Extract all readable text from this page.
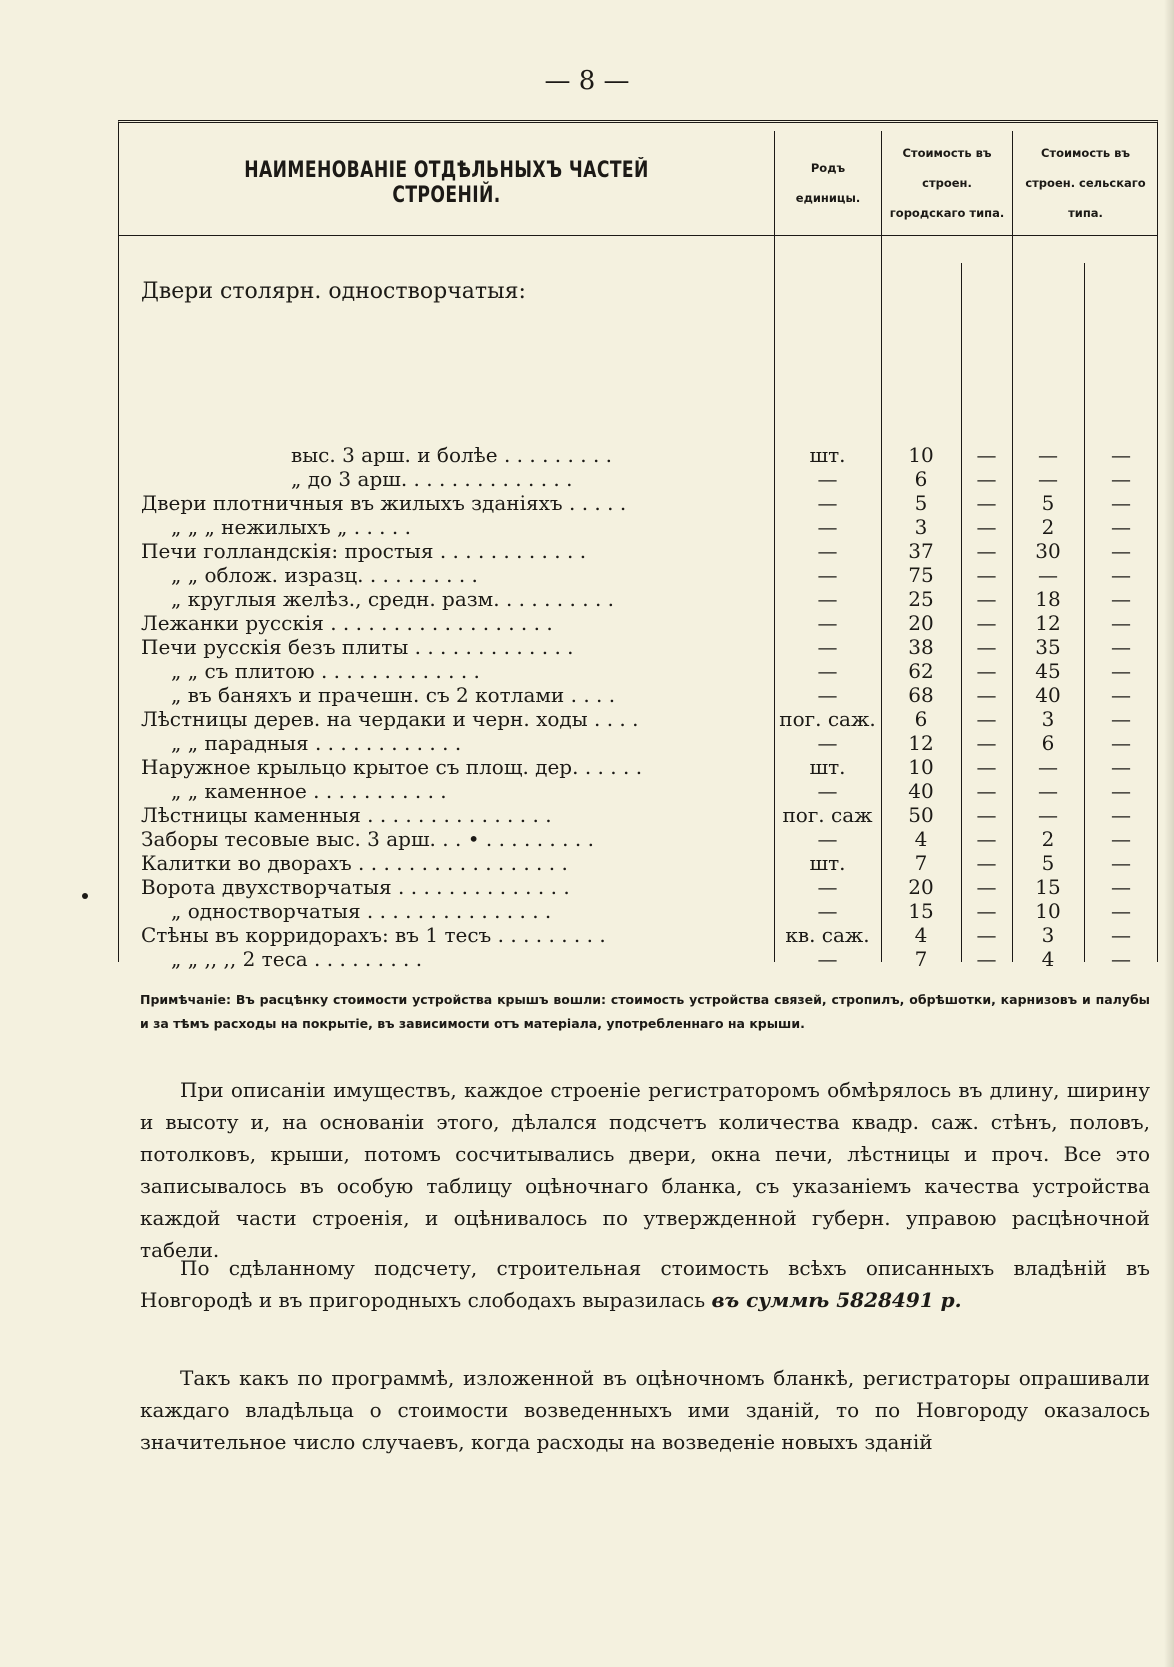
— 8 —
НАИМЕНОВАНІЕ ОТДѢЛЬНЫХЪ ЧАСТЕЙ СТРОЕНІЙ.
Родъ единицы.
Стоимость въ строен. городскаго типа.
Стоимость въ строен. сельскаго типа.
Двери столярн. одностворчатыя:
выс. 3 арш. и болѣе . . . . . . . . .	шт.	10	—	—	—
„ до 3 арш. . . . . . . . . . . . . .	—	6	—	—	—
Двери плотничныя въ жилыхъ зданіяхъ . . . . .	—	5	—	5	—
„ „ „ нежилыхъ „ . . . . .	—	3	—	2	—
Печи голландскія: простыя . . . . . . . . . . . .	—	37	—	30	—
„ „ облож. изразц. . . . . . . . . .	—	75	—	—	—
„ круглыя желѣз., средн. разм. . . . . . . . . .	—	25	—	18	—
Лежанки русскія . . . . . . . . . . . . . . . . . .	—	20	—	12	—
Печи русскія безъ плиты . . . . . . . . . . . . .	—	38	—	35	—
„ „ съ плитою . . . . . . . . . . . . .	—	62	—	45	—
„ въ баняхъ и прачешн. съ 2 котлами . . . .	—	68	—	40	—
Лѣстницы дерев. на чердаки и черн. ходы . . . .	пог. саж.	6	—	3	—
„ „ парадныя . . . . . . . . . . . .	—	12	—	6	—
Наружное крыльцо крытое съ площ. дер. . . . . .	шт.	10	—	—	—
„ „ каменное . . . . . . . . . . .	—	40	—	—	—
Лѣстницы каменныя . . . . . . . . . . . . . . .	пог. саж	50	—	—	—
Заборы тесовые выс. 3 арш. . . • . . . . . . . . .	—	4	—	2	—
Калитки во дворахъ . . . . . . . . . . . . . . . . .	шт.	7	—	5	—
Ворота двухстворчатыя . . . . . . . . . . . . . .	—	20	—	15	—
„ одностворчатыя . . . . . . . . . . . . . . .	—	15	—	10	—
Стѣны въ корридорахъ: въ 1 тесъ . . . . . . . . .	кв. саж.	4	—	3	—
„ „ ,, ,, 2 теса . . . . . . . . .	—	7	—	4	—
Примѣчаніе: Въ расцѣнку стоимости устройства крышъ вошли: стоимость устройства связей, стропилъ, обрѣшотки, карнизовъ и палубы и за тѣмъ расходы на покрытіе, въ зависимости отъ матеріала, употребленнаго на крыши.
При описаніи имуществъ, каждое строеніе регистраторомъ обмѣрялось въ длину, ширину и высоту и, на основаніи этого, дѣлался подсчетъ количества квадр. саж. стѣнъ, половъ, потолковъ, крыши, потомъ сосчитывались двери, окна печи, лѣстницы и проч. Все это записывалось въ особую таблицу оцѣночнаго бланка, съ указаніемъ качества устройства каждой части строенія, и оцѣнивалось по утвержденной губерн. управою расцѣночной табели.
По сдѣланному подсчету, строительная стоимость всѣхъ описанныхъ владѣній въ Новгородѣ и въ пригородныхъ слободахъ выразилась въ суммѣ 5828491 р.
Такъ какъ по программѣ, изложенной въ оцѣночномъ бланкѣ, регистраторы опрашивали каждаго владѣльца о стоимости возведенныхъ ими зданій, то по Новгороду оказалось значительное число случаевъ, когда расходы на возведеніе новыхъ зданій
